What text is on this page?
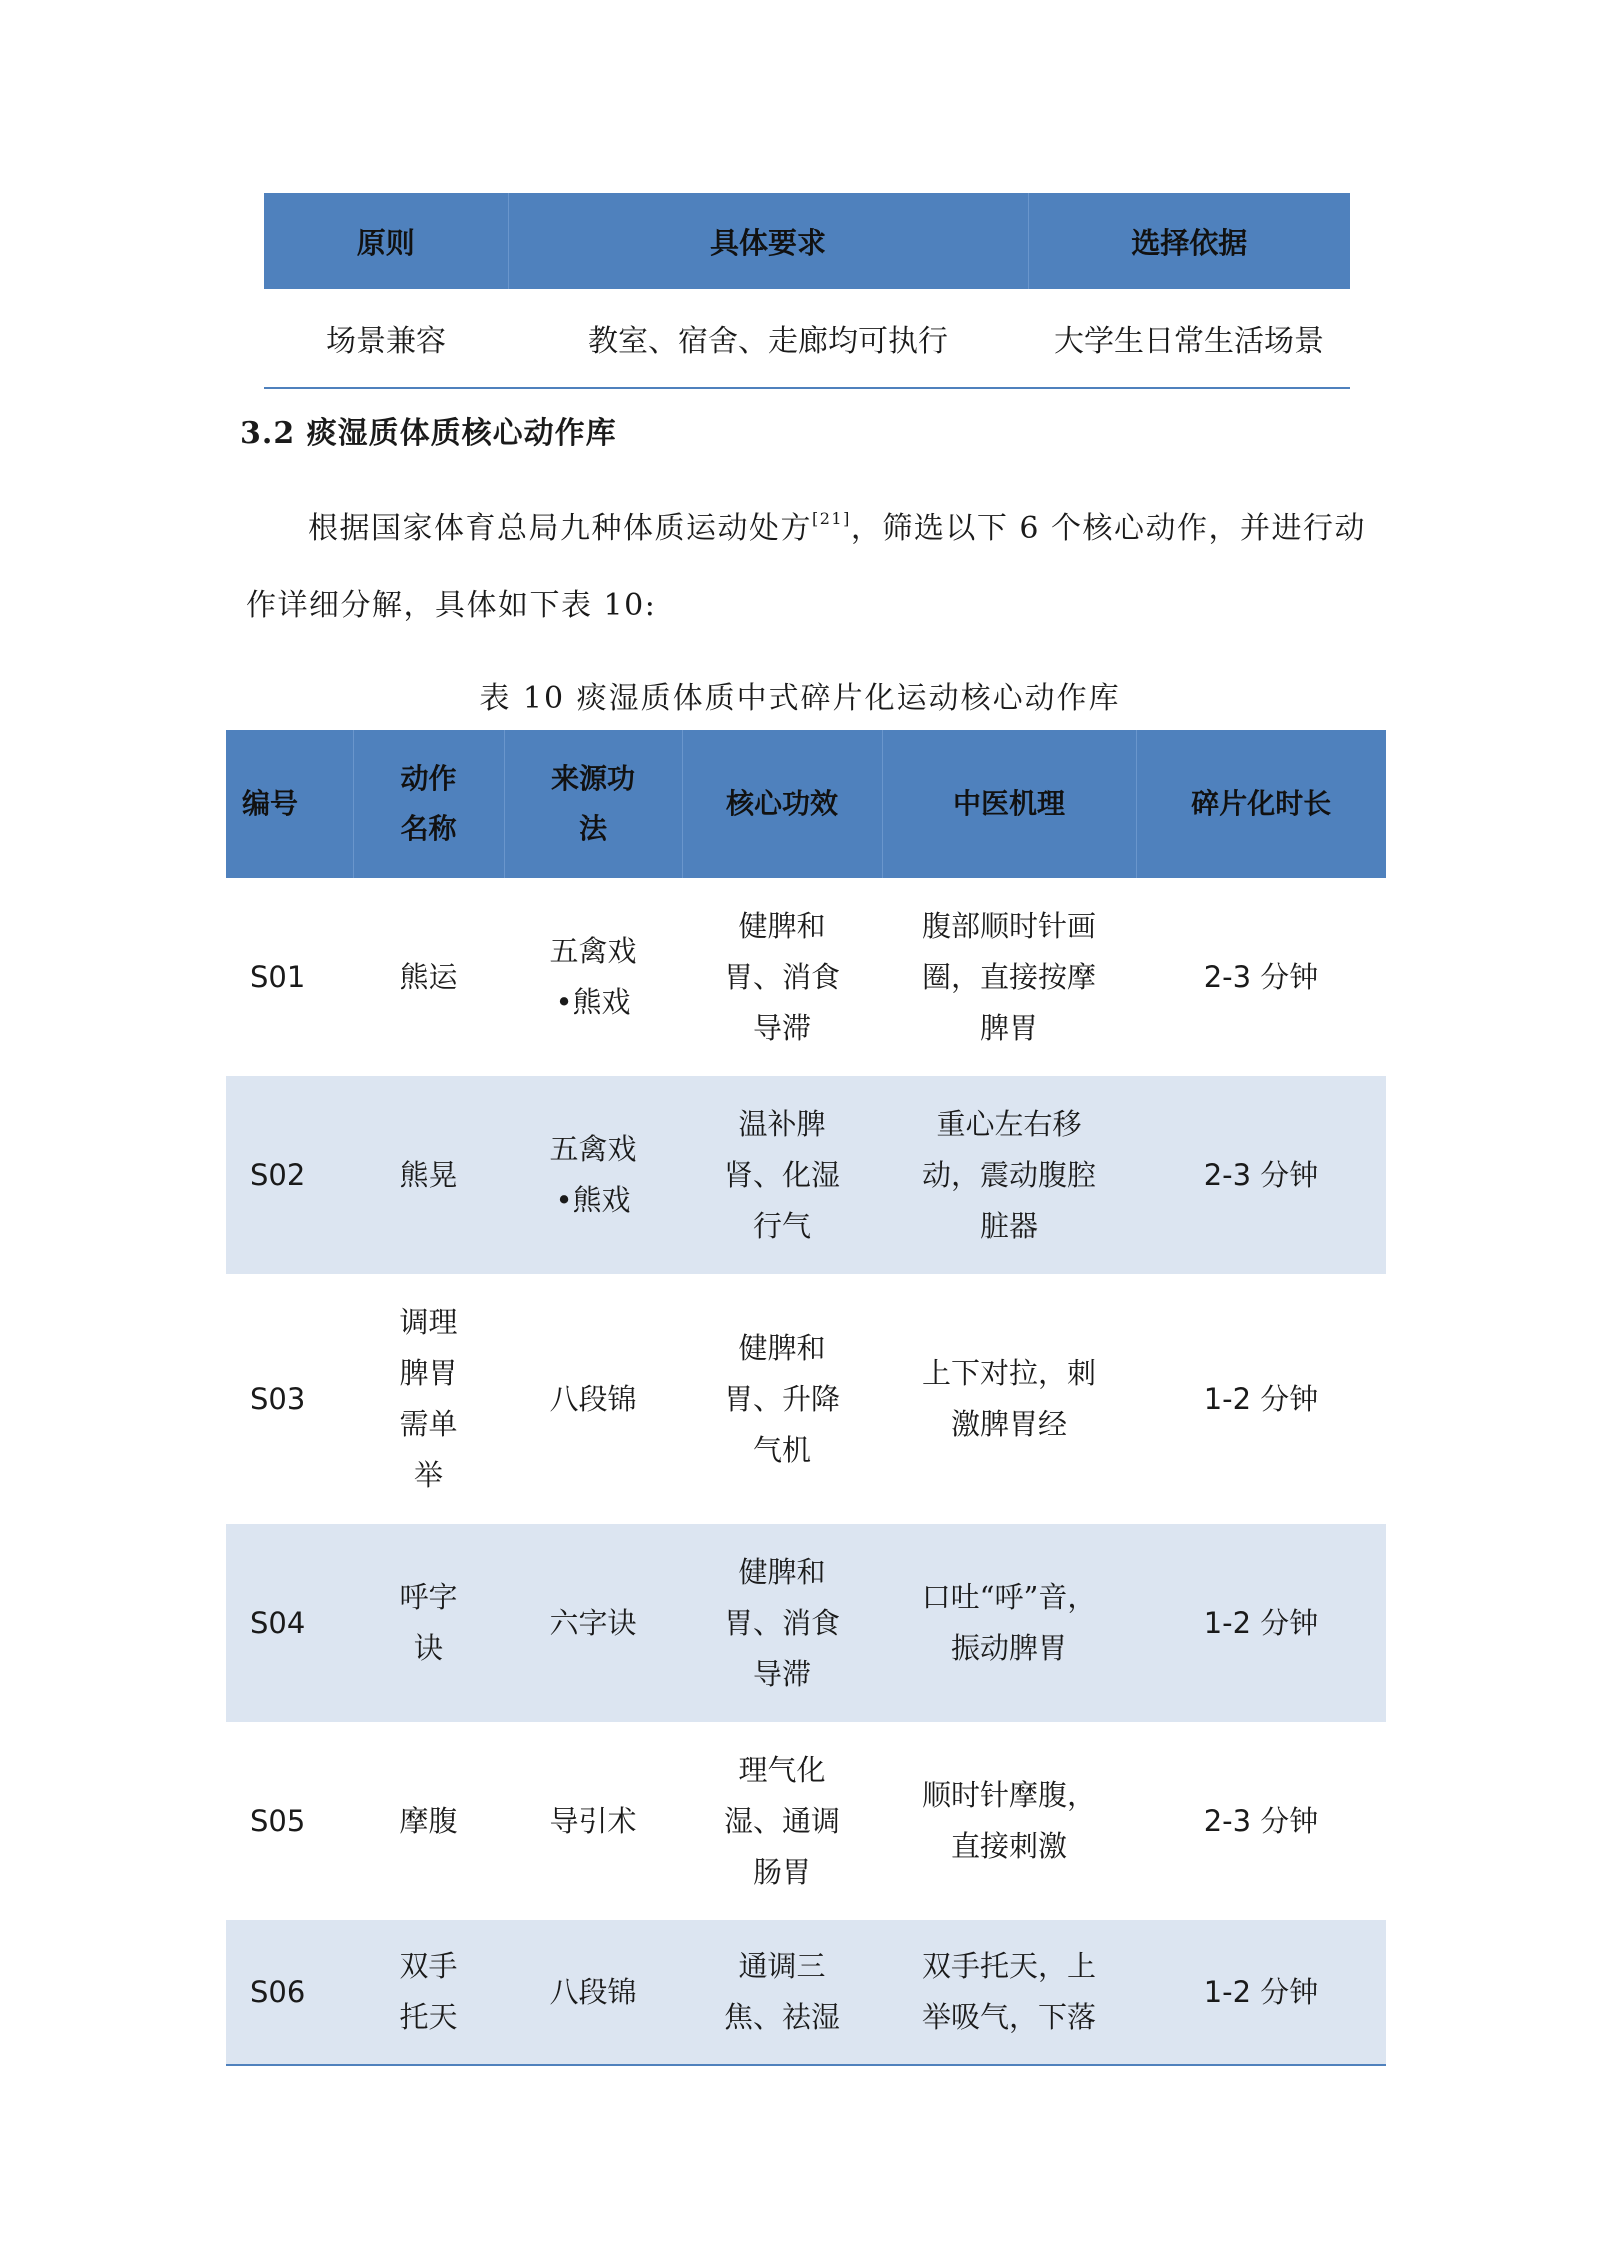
原则	具体要求	选择依据
场景兼容	教室、宿舍、走廊均可执行	大学生日常生活场景
3.2 痰湿质体质核心动作库
根据国家体育总局九种体质运动处方[21]，筛选以下 6 个核心动作，并进行动作详细分解，具体如下表 10:
表 10 痰湿质体质中式碎片化运动核心动作库
编号	动作名称	来源功法	核心功效	中医机理	碎片化时长
S01	熊运	五禽戏 •熊戏	健脾和胃、消食导滞	腹部顺时针画圈，直接按摩脾胃	2-3 分钟
S02	熊晃	五禽戏 •熊戏	温补脾肾、化湿行气	重心左右移动，震动腹腔脏器	2-3 分钟
S03	调理脾胃需单举	八段锦	健脾和胃、升降气机	上下对拉，刺激脾胃经	1-2 分钟
S04	呼字诀	六字诀	健脾和胃、消食导滞	口吐“呼”音，振动脾胃	1-2 分钟
S05	摩腹	导引术	理气化湿、通调肠胃	顺时针摩腹，直接刺激	2-3 分钟
S06	双手托天	八段锦	通调三焦、祛湿	双手托天，上举吸气，下落	1-2 分钟
